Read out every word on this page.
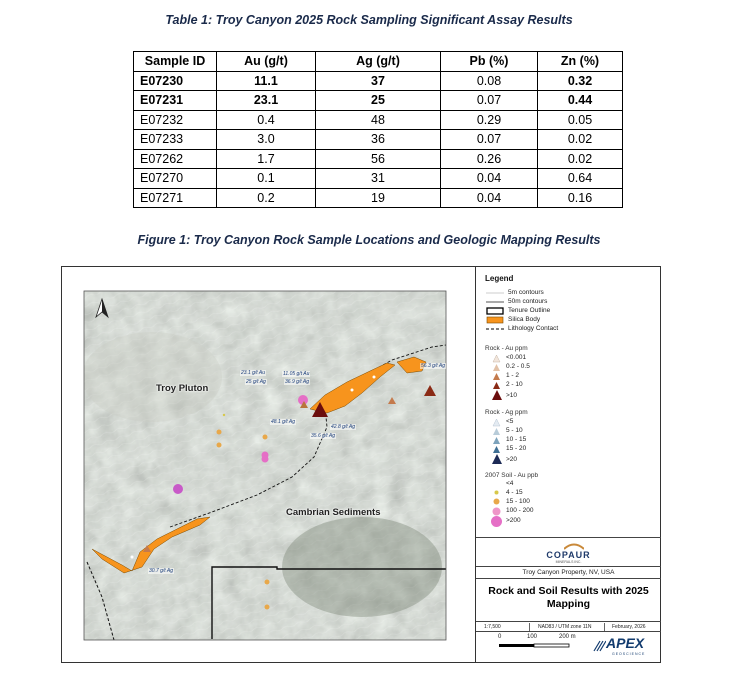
Table 1: Troy Canyon 2025 Rock Sampling Significant Assay Results
Sample ID	Au (g/t)	Ag (g/t)	Pb (%)	Zn (%)
E07230	11.1	37	0.08	0.32
E07231	23.1	25	0.07	0.44
E07232	0.4	48	0.29	0.05
E07233	3.0	36	0.07	0.02
E07262	1.7	56	0.26	0.02
E07270	0.1	31	0.04	0.64
E07271	0.2	19	0.04	0.16
Figure 1: Troy Canyon Rock Sample Locations and Geologic Mapping Results
Troy Pluton
Cambrian Sediments
23.1 g/t Au
25 g/t Ag
11.05 g/t Au
36.9 g/t Ag
48.1 g/t Ag
35.6 g/t Ag
42.8 g/t Ag
56.3 g/t Ag
30.7 g/t Ag
Legend
5m contours
50m contours
Tenure Outline
Silica Body
Lithology Contact
Rock - Au ppm
<0.001
0.2 - 0.5
1 - 2
2 - 10
>10
Rock - Ag ppm
<5
5 - 10
10 - 15
15 - 20
>20
2007 Soil - Au ppb
<4
4 - 15
15 - 100
100 - 200
>200
COPAUR
MINERALS INC.
Troy Canyon Property, NV, USA
Rock and Soil Results with 2025 Mapping
1:7,500	NAD83 / UTM zone 11N	February, 2026
0	100	200 m APEX
GEOSCIENCE
